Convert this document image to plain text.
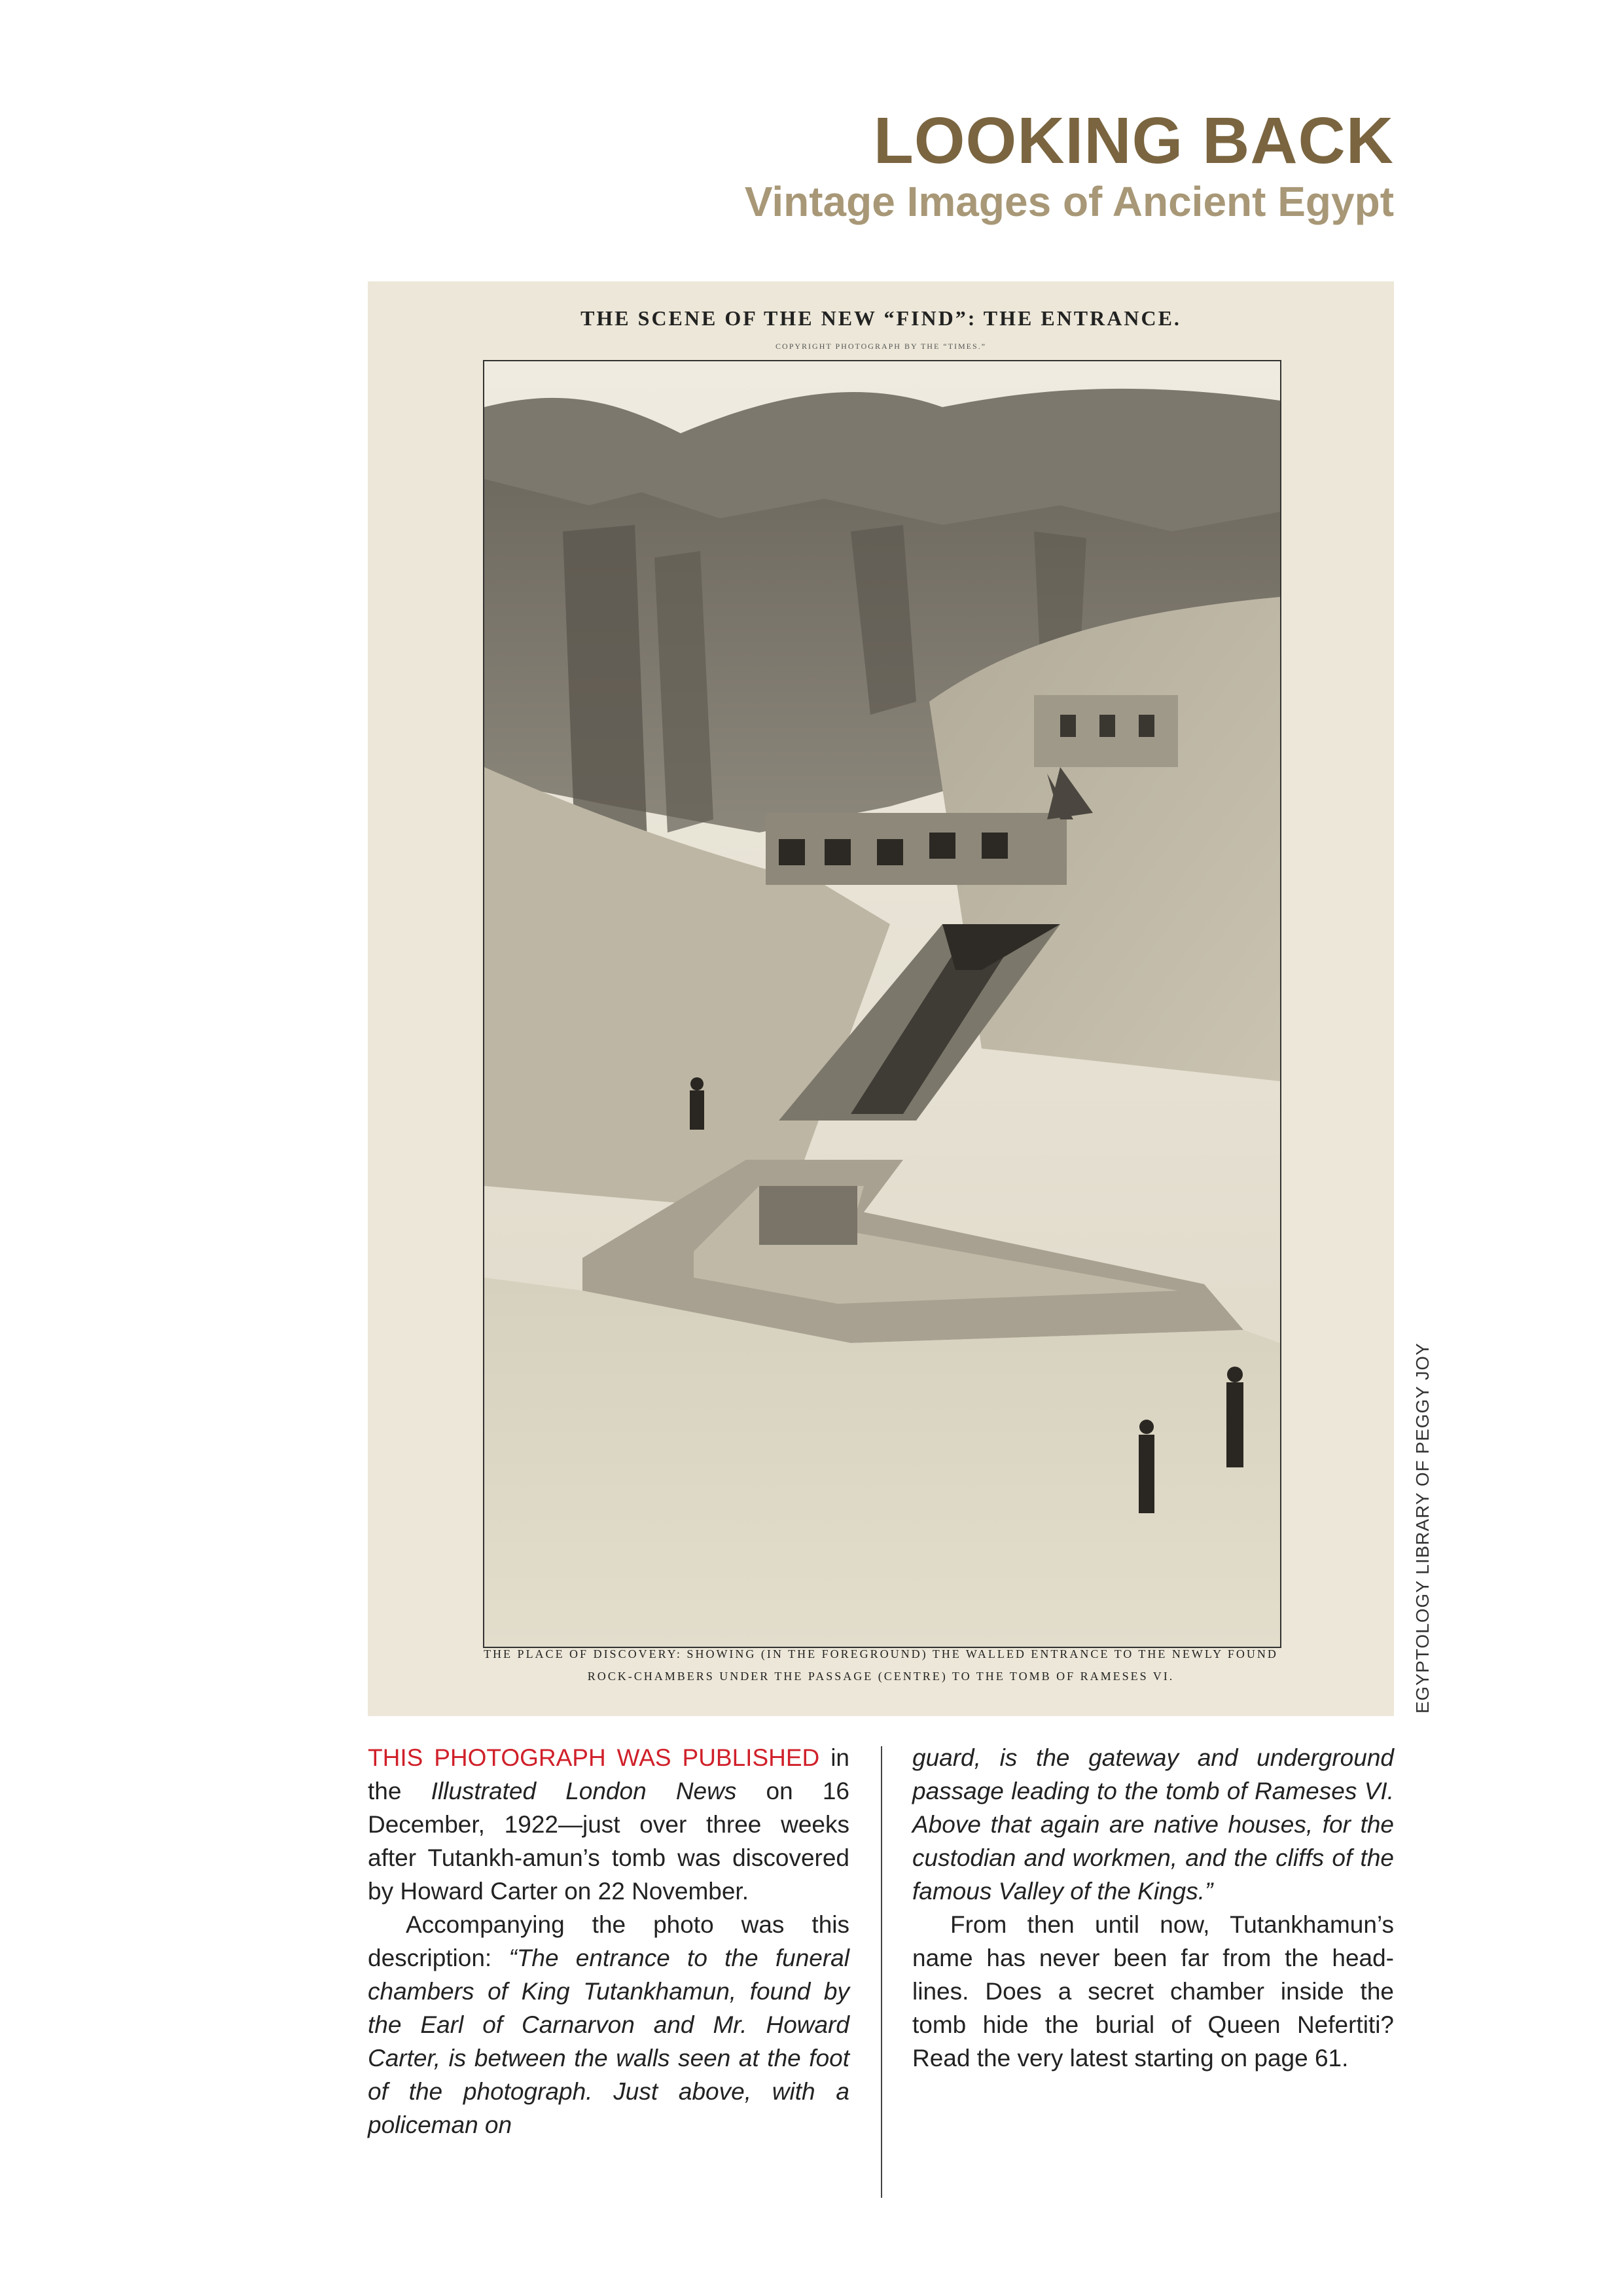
LOOKING BACK
Vintage Images of Ancient Egypt
THE SCENE OF THE NEW “FIND”: THE ENTRANCE.
COPYRIGHT PHOTOGRAPH BY THE “TIMES.”
THE PLACE OF DISCOVERY: SHOWING (IN THE FOREGROUND) THE WALLED ENTRANCE TO THE NEWLY FOUND ROCK-CHAMBERS UNDER THE PASSAGE (CENTRE) TO THE TOMB OF RAMESES VI.	EGYPTOLOGY LIBRARY OF PEGGY JOY

THIS PHOTOGRAPH WAS PUBLISHED in the Illustrated London News on 16 December, 1922—just over three weeks after Tutankh-amun’s tomb was discovered by Howard Carter on 22 November.

Accompanying the photo was this description: “The entrance to the funeral chambers of King Tutankhamun, found by the Earl of Carnarvon and Mr. Howard Carter, is between the walls seen at the foot of the photograph. Just above, with a policeman on

guard, is the gateway and underground passage leading to the tomb of Rameses VI. Above that again are native houses, for the custodian and workmen, and the cliffs of the famous Valley of the Kings.”

From then until now, Tutankhamun’s name has never been far from the head-lines. Does a secret chamber inside the tomb hide the burial of Queen Nefertiti? Read the very latest starting on page 61.
